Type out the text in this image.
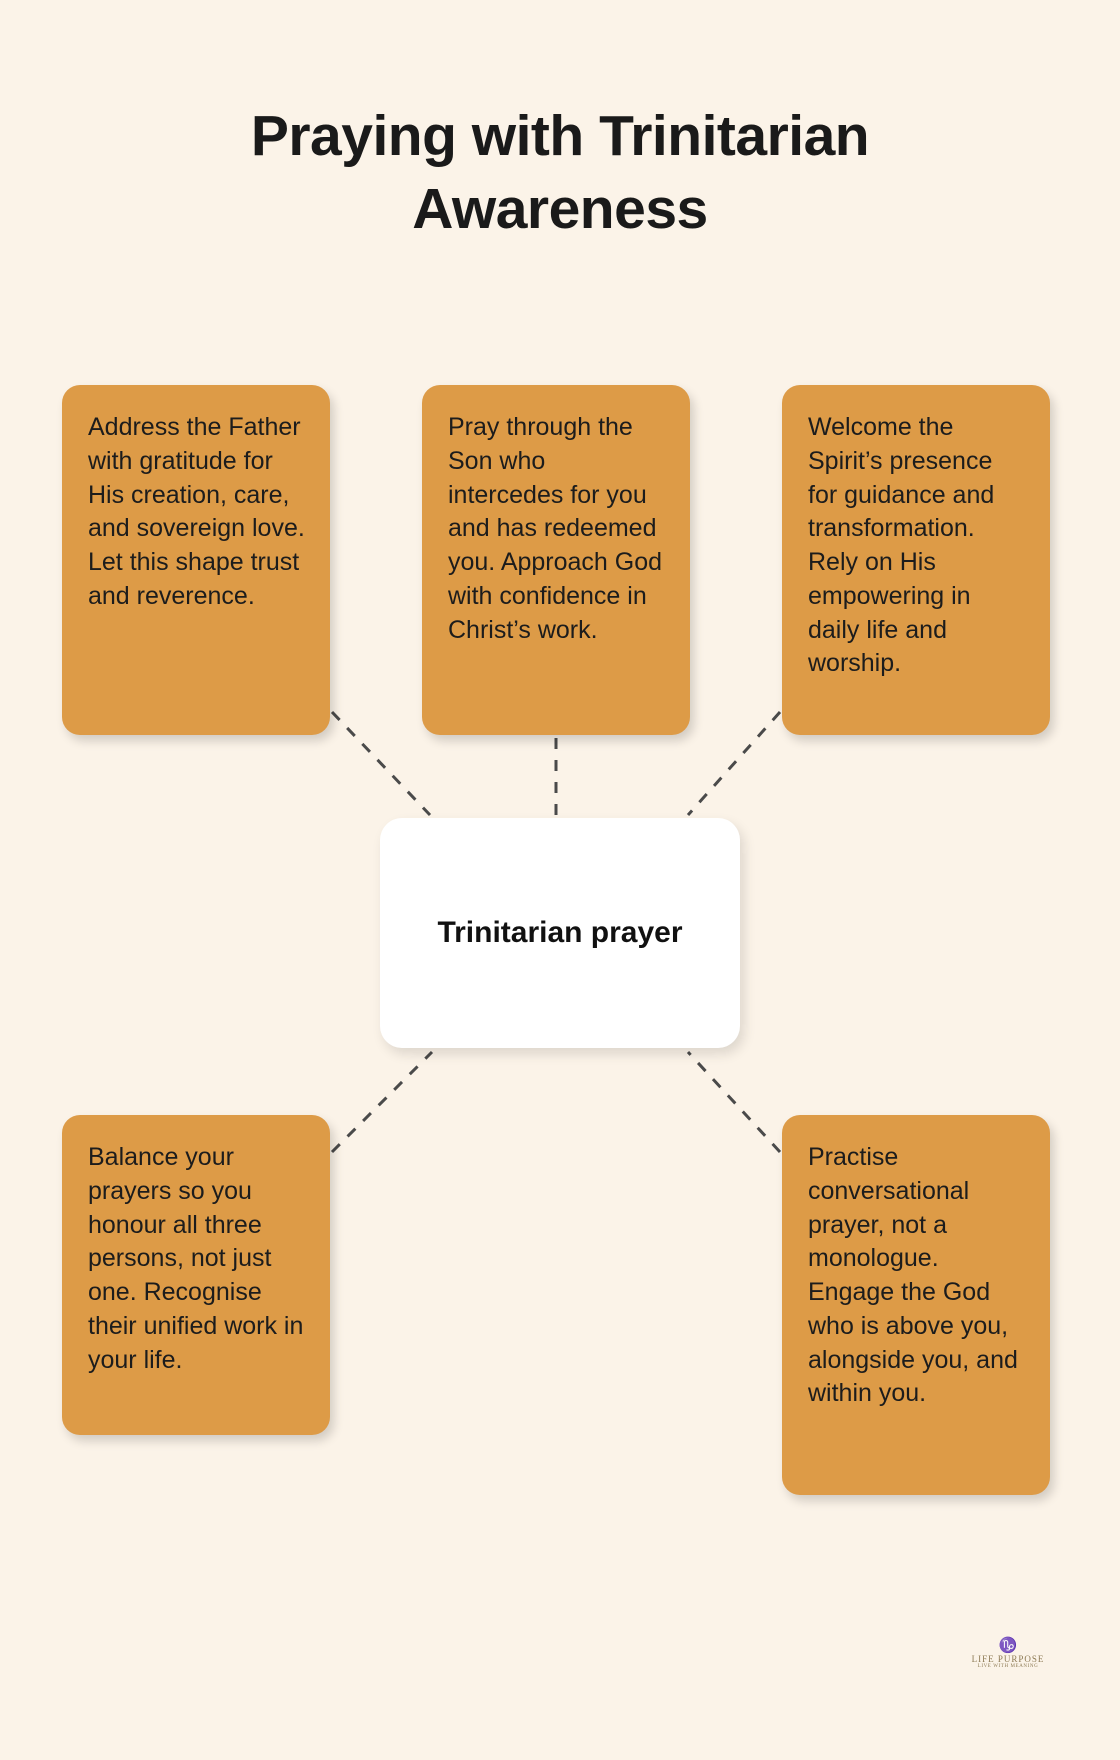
Praying with Trinitarian Awareness
Address the Father with gratitude for His creation, care, and sovereign love. Let this shape trust and reverence.
Pray through the Son who intercedes for you and has redeemed you. Approach God with confidence in Christ’s work.
Welcome the Spirit’s presence for guidance and transformation. Rely on His empowering in daily life and worship.
Balance your prayers so you honour all three persons, not just one. Recognise their unified work in your life.
Practise conversational prayer, not a monologue. Engage the God who is above you, alongside you, and within you.
Trinitarian prayer
♑
LIFE PURPOSE
LIVE WITH MEANING
